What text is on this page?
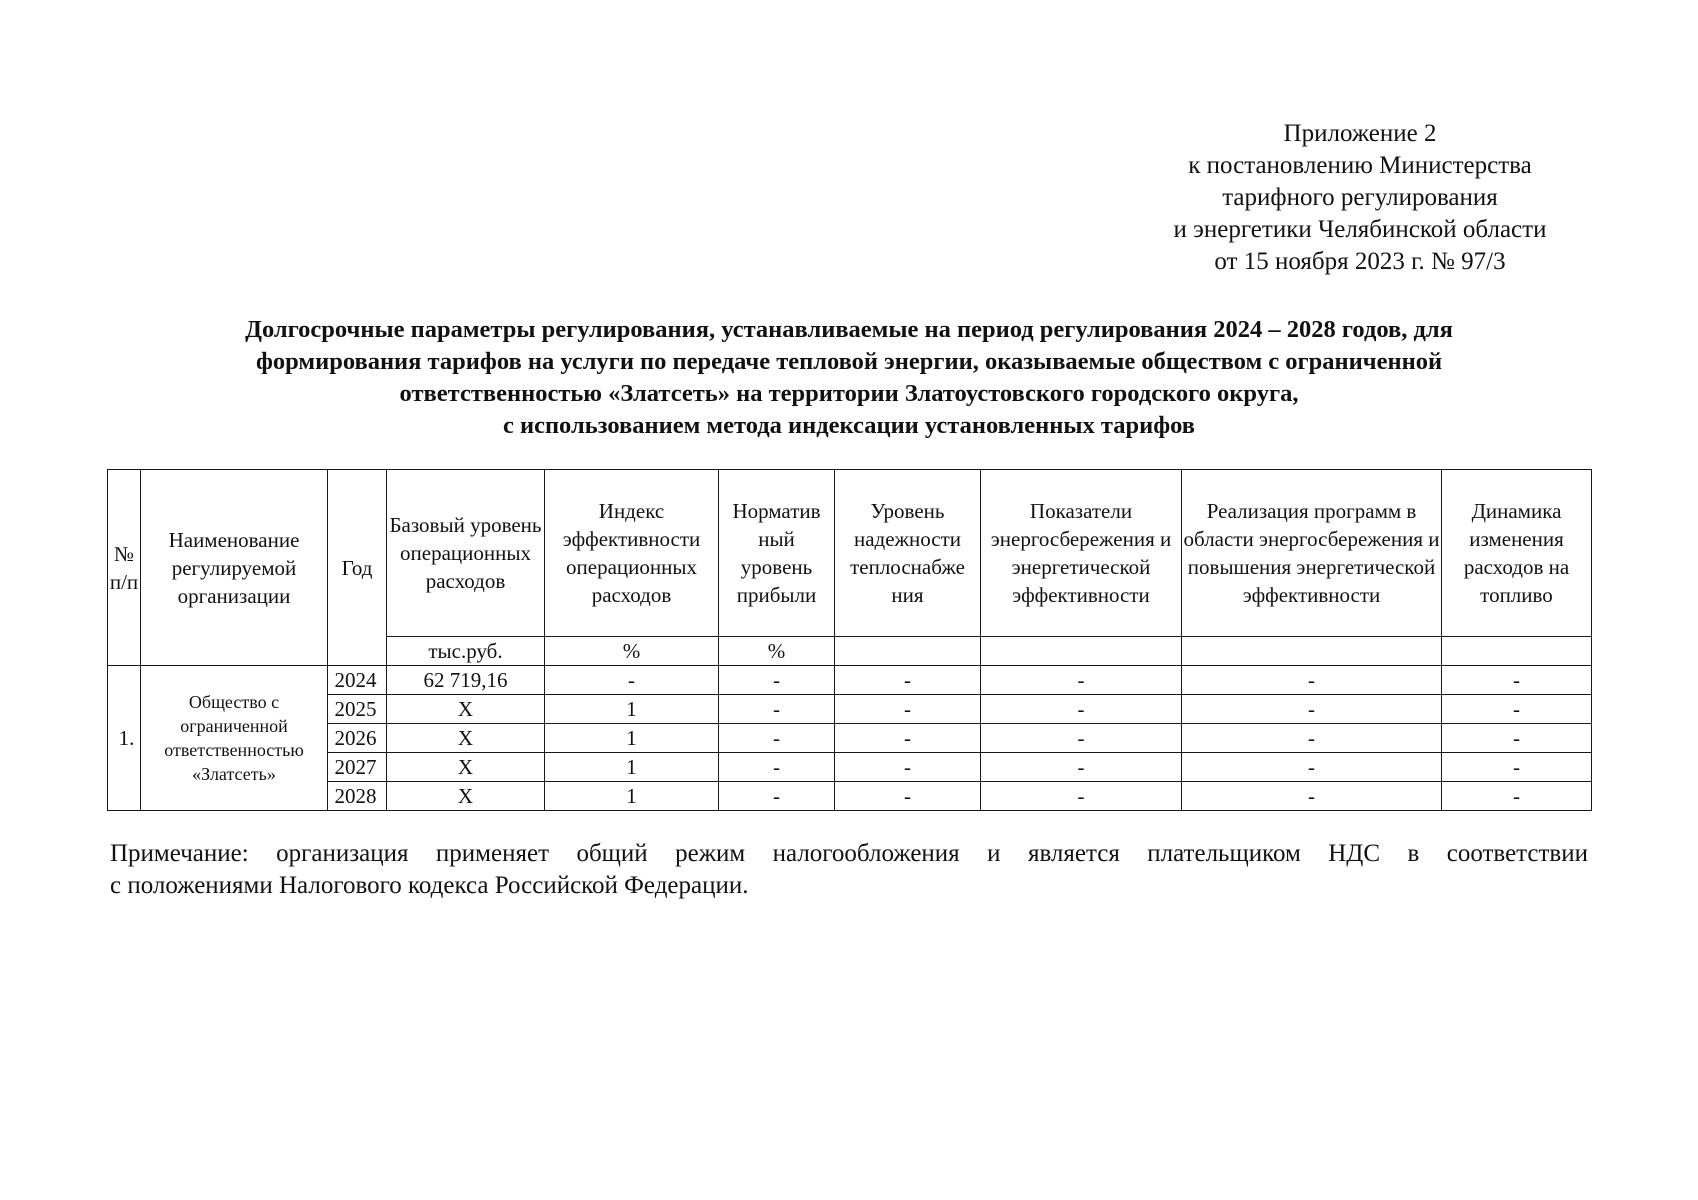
Приложение 2
к постановлению Министерства
тарифного регулирования
и энергетики Челябинской области
от 15 ноября 2023 г. № 97/3
Долгосрочные параметры регулирования, устанавливаемые на период регулирования 2024 – 2028 годов, для
формирования тарифов на услуги по передаче тепловой энергии, оказываемые обществом с ограниченной
ответственностью «Златсеть» на территории Златоустовского городского округа,
с использованием метода индексации установленных тарифов
№ п/п	Наименование регулируемой организации	Год	Базовый уровень операционных расходов	Индекс эффективности операционных расходов	Норматив ный уровень прибыли	Уровень надежности теплоснабже ния	Показатели энергосбережения и энергетической эффективности	Реализация программ в области энергосбережения и повышения энергетической эффективности	Динамика изменения расходов на топливо
			тыс.руб.	%	%				
1.	Общество с ограниченной ответственностью «Златсеть»	2024	62 719,16	-	-	-	-	-	-
		2025	X	1	-	-	-	-	-
		2026	X	1	-	-	-	-	-
		2027	X	1	-	-	-	-	-
		2028	X	1	-	-	-	-	-
Примечание: организация применяет общий режим налогообложения и является плательщиком НДС в соответствии
с положениями Налогового кодекса Российской Федерации.
